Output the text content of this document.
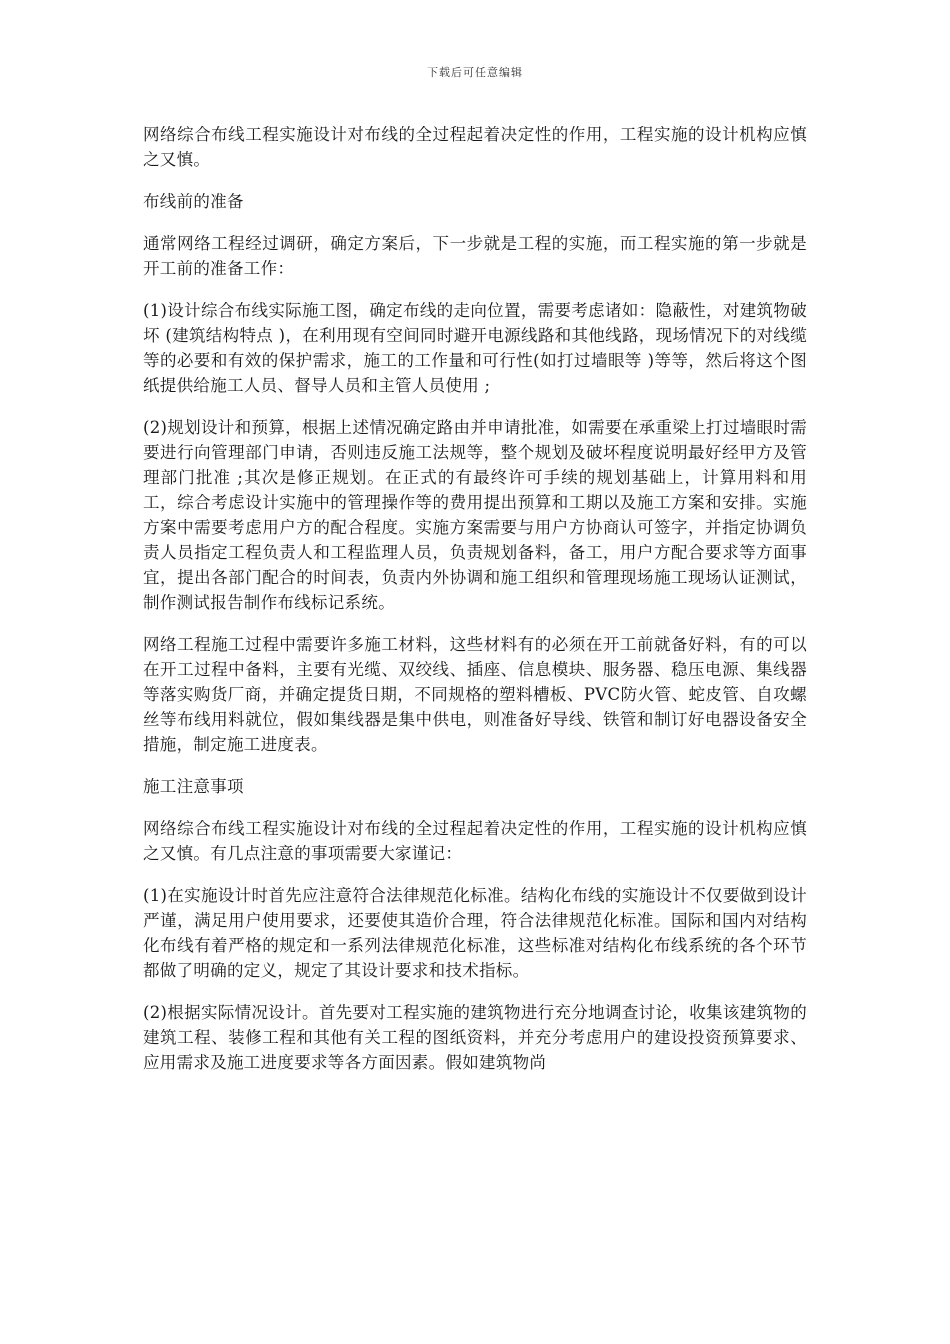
下载后可任意编辑

网络综合布线工程实施设计对布线的全过程起着决定性的作用，工程实施的设计机构应慎之又慎。

布线前的准备

通常网络工程经过调研，确定方案后，下一步就是工程的实施，而工程实施的第一步就是开工前的准备工作：

(1)设计综合布线实际施工图，确定布线的走向位置，需要考虑诸如：隐蔽性，对建筑物破坏 (建筑结构特点 )，在利用现有空间同时避开电源线路和其他线路，现场情况下的对线缆等的必要和有效的保护需求，施工的工作量和可行性(如打过墙眼等 )等等，然后将这个图纸提供给施工人员、督导人员和主管人员使用 ;

(2)规划设计和预算，根据上述情况确定路由并申请批准，如需要在承重梁上打过墙眼时需要进行向管理部门申请，否则违反施工法规等，整个规划及破坏程度说明最好经甲方及管理部门批准 ;其次是修正规划。在正式的有最终许可手续的规划基础上，计算用料和用工，综合考虑设计实施中的管理操作等的费用提出预算和工期以及施工方案和安排。实施方案中需要考虑用户方的配合程度。实施方案需要与用户方协商认可签字，并指定协调负责人员指定工程负责人和工程监理人员，负责规划备料，备工，用户方配合要求等方面事宜，提出各部门配合的时间表，负责内外协调和施工组织和管理现场施工现场认证测试，制作测试报告制作布线标记系统。

网络工程施工过程中需要许多施工材料，这些材料有的必须在开工前就备好料，有的可以在开工过程中备料，主要有光缆、双绞线、插座、信息模块、服务器、稳压电源、集线器等落实购货厂商，并确定提货日期，不同规格的塑料槽板、PVC防火管、蛇皮管、自攻螺丝等布线用料就位，假如集线器是集中供电，则准备好导线、铁管和制订好电器设备安全措施，制定施工进度表。

施工注意事项

网络综合布线工程实施设计对布线的全过程起着决定性的作用，工程实施的设计机构应慎之又慎。有几点注意的事项需要大家谨记：

(1)在实施设计时首先应注意符合法律规范化标准。结构化布线的实施设计不仅要做到设计严谨，满足用户使用要求，还要使其造价合理，符合法律规范化标准。国际和国内对结构化布线有着严格的规定和一系列法律规范化标准，这些标准对结构化布线系统的各个环节都做了明确的定义，规定了其设计要求和技术指标。

(2)根据实际情况设计。首先要对工程实施的建筑物进行充分地调查讨论，收集该建筑物的建筑工程、装修工程和其他有关工程的图纸资料，并充分考虑用户的建设投资预算要求、应用需求及施工进度要求等各方面因素。假如建筑物尚
